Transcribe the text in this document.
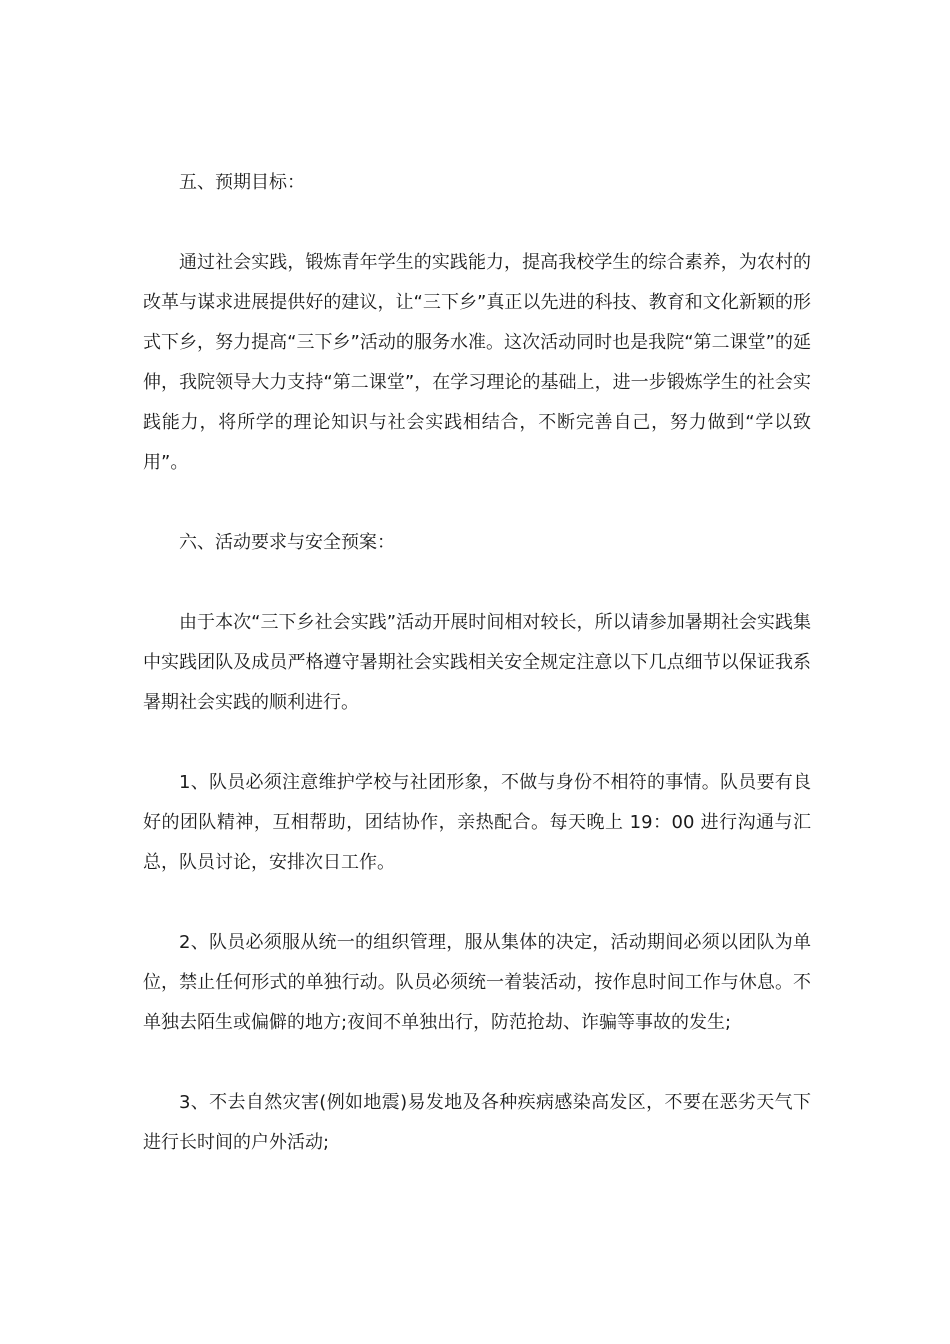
五、预期目标：

通过社会实践，锻炼青年学生的实践能力，提高我校学生的综合素养，为农村的改革与谋求进展提供好的建议，让“三下乡”真正以先进的科技、教育和文化新颖的形式下乡，努力提高“三下乡”活动的服务水准。这次活动同时也是我院“第二课堂”的延伸，我院领导大力支持“第二课堂”，在学习理论的基础上，进一步锻炼学生的社会实践能力，将所学的理论知识与社会实践相结合，不断完善自己，努力做到“学以致用”。

六、活动要求与安全预案：

由于本次“三下乡社会实践”活动开展时间相对较长，所以请参加暑期社会实践集中实践团队及成员严格遵守暑期社会实践相关安全规定注意以下几点细节以保证我系暑期社会实践的顺利进行。

1、队员必须注意维护学校与社团形象，不做与身份不相符的事情。队员要有良好的团队精神，互相帮助，团结协作，亲热配合。每天晚上 19：00 进行沟通与汇总，队员讨论，安排次日工作。

2、队员必须服从统一的组织管理，服从集体的决定，活动期间必须以团队为单位，禁止任何形式的单独行动。队员必须统一着装活动，按作息时间工作与休息。不单独去陌生或偏僻的地方;夜间不单独出行，防范抢劫、诈骗等事故的发生;

3、不去自然灾害(例如地震)易发地及各种疾病感染高发区，不要在恶劣天气下进行长时间的户外活动;
